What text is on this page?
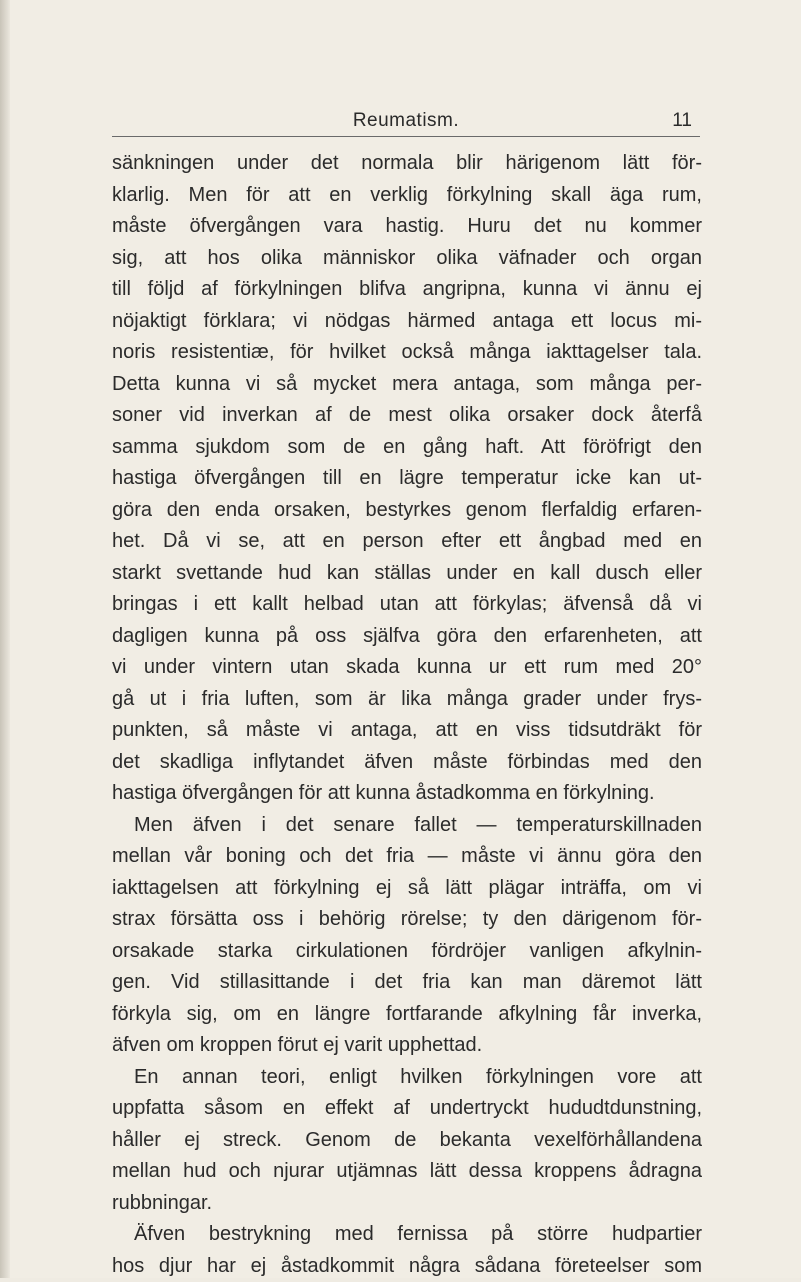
Reumatism.	11
sänkningen under det normala blir härigenom lätt för-
klarlig. Men för att en verklig förkylning skall äga rum,
måste öfvergången vara hastig. Huru det nu kommer
sig, att hos olika människor olika väfnader och organ
till följd af förkylningen blifva angripna, kunna vi ännu ej
nöjaktigt förklara; vi nödgas härmed antaga ett locus mi-
noris resistentiæ, för hvilket också många iakttagelser tala.
Detta kunna vi så mycket mera antaga, som många per-
soner vid inverkan af de mest olika orsaker dock återfå
samma sjukdom som de en gång haft. Att föröfrigt den
hastiga öfvergången till en lägre temperatur icke kan ut-
göra den enda orsaken, bestyrkes genom flerfaldig erfaren-
het. Då vi se, att en person efter ett ångbad med en
starkt svettande hud kan ställas under en kall dusch eller
bringas i ett kallt helbad utan att förkylas; äfvenså då vi
dagligen kunna på oss själfva göra den erfarenheten, att
vi under vintern utan skada kunna ur ett rum med 20°
gå ut i fria luften, som är lika många grader under frys-
punkten, så måste vi antaga, att en viss tidsutdräkt för
det skadliga inflytandet äfven måste förbindas med den
hastiga öfvergången för att kunna åstadkomma en förkylning.
Men äfven i det senare fallet — temperaturskillnaden
mellan vår boning och det fria — måste vi ännu göra den
iakttagelsen att förkylning ej så lätt plägar inträffa, om vi
strax försätta oss i behörig rörelse; ty den därigenom för-
orsakade starka cirkulationen fördröjer vanligen afkylnin-
gen. Vid stillasittande i det fria kan man däremot lätt
förkyla sig, om en längre fortfarande afkylning får inverka,
äfven om kroppen förut ej varit upphettad.
En annan teori, enligt hvilken förkylningen vore att
uppfatta såsom en effekt af undertryckt hududtdunstning,
håller ej streck. Genom de bekanta vexelförhållandena
mellan hud och njurar utjämnas lätt dessa kroppens ådragna
rubbningar.
Äfven bestrykning med fernissa på större hudpartier
hos djur har ej åstadkommit några sådana företeelser som
